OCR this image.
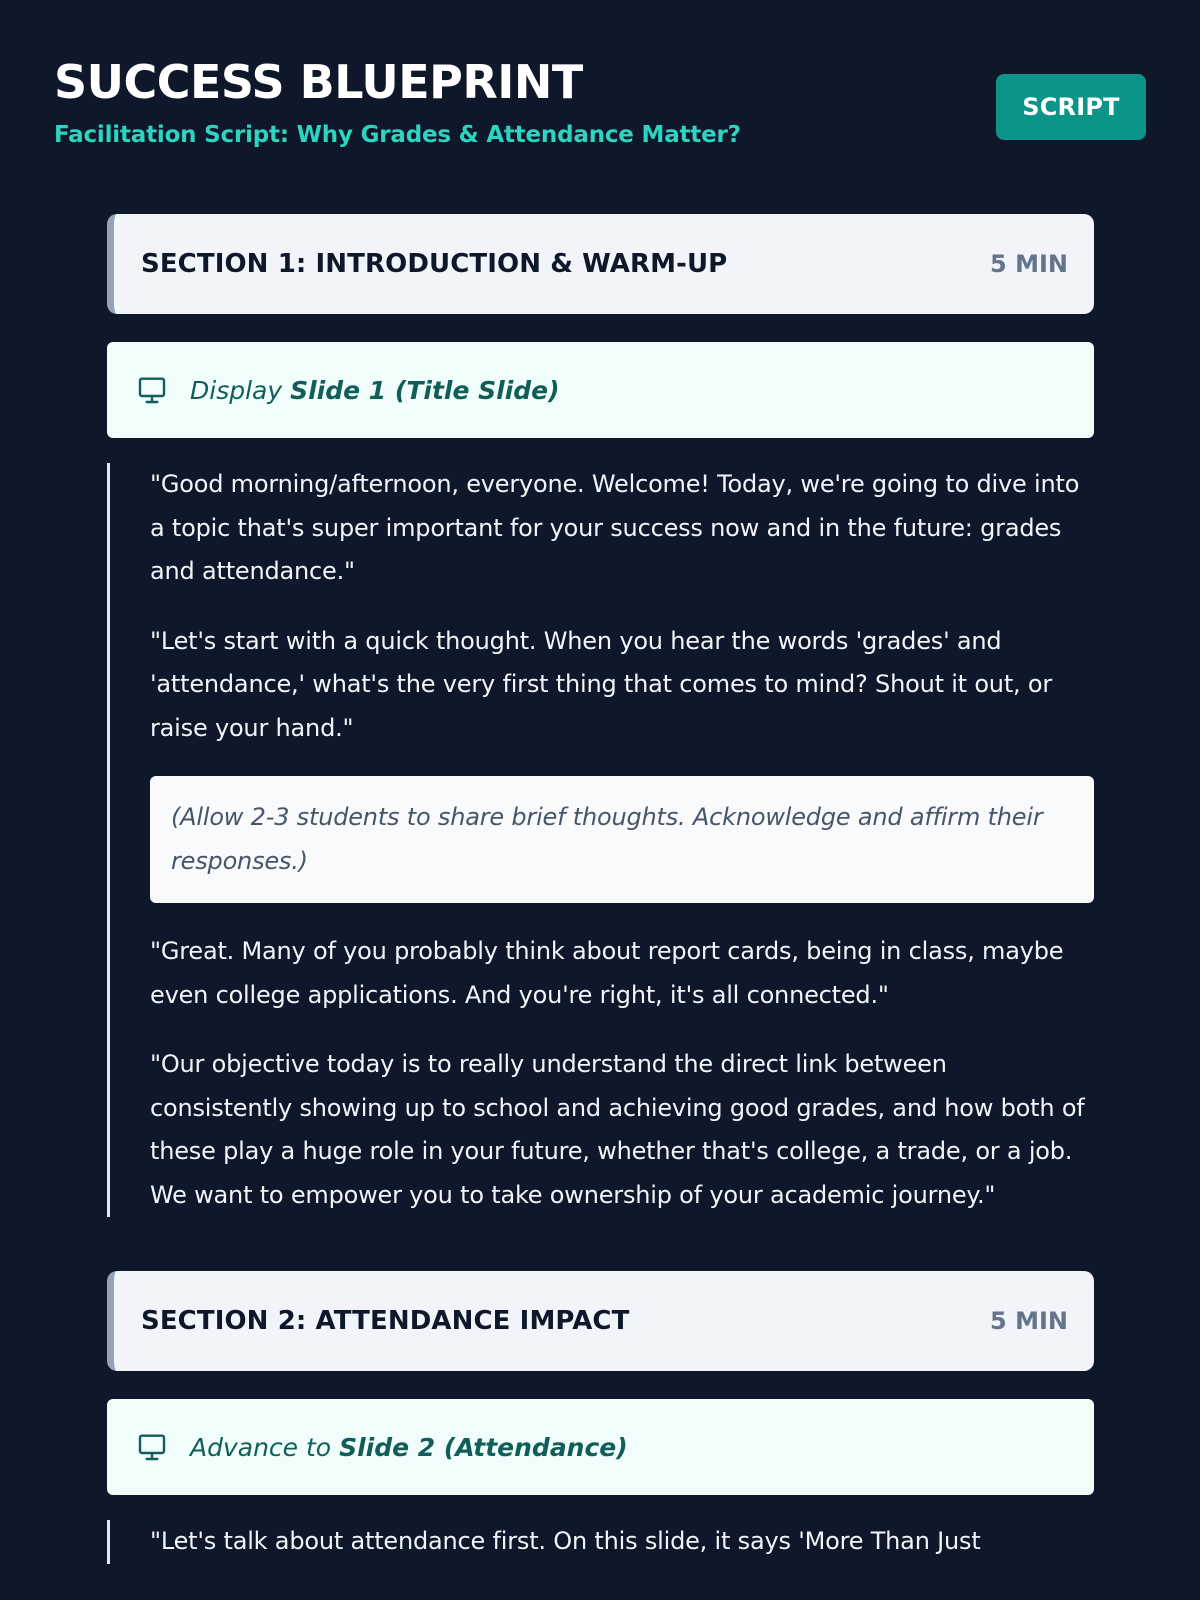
SUCCESS BLUEPRINT
Facilitation Script: Why Grades & Attendance Matter?
SCRIPT
SECTION 1: INTRODUCTION & WARM-UP	5 MIN
Display Slide 1 (Title Slide)

"Good morning/afternoon, everyone. Welcome! Today, we're going to dive into a topic that's super important for your success now and in the future: grades and attendance."

"Let's start with a quick thought. When you hear the words 'grades' and 'attendance,' what's the very first thing that comes to mind? Shout it out, or raise your hand."

(Allow 2-3 students to share brief thoughts. Acknowledge and affirm their responses.)

"Great. Many of you probably think about report cards, being in class, maybe even college applications. And you're right, it's all connected."

"Our objective today is to really understand the direct link between consistently showing up to school and achieving good grades, and how both of these play a huge role in your future, whether that's college, a trade, or a job. We want to empower you to take ownership of your academic journey."

SECTION 2: ATTENDANCE IMPACT	5 MIN
Advance to Slide 2 (Attendance)

"Let's talk about attendance first. On this slide, it says 'More Than Just
